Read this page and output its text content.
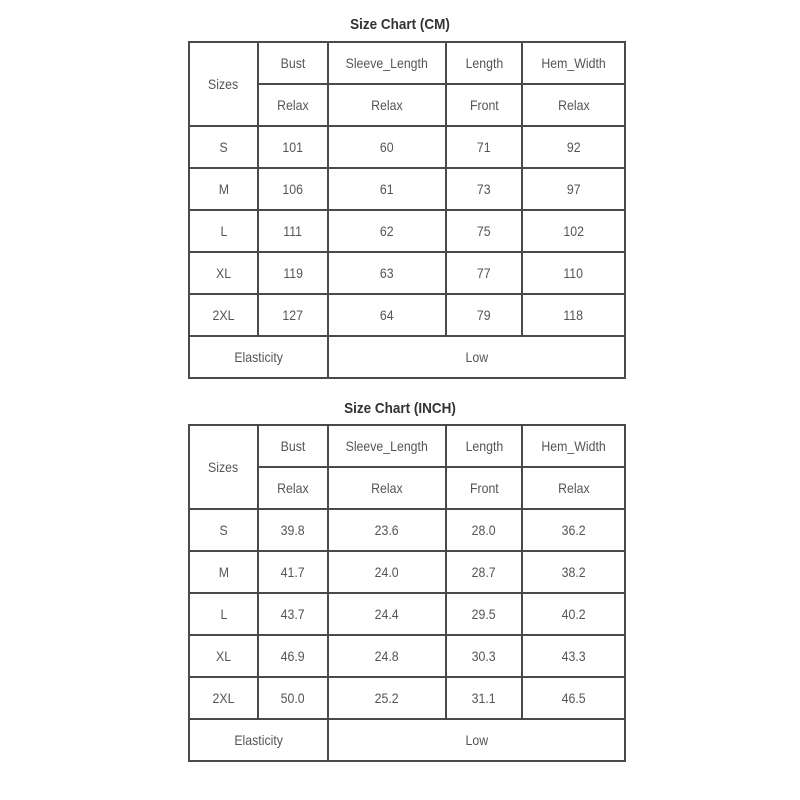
Size Chart (CM)
Sizes	Bust	Sleeve_Length	Length	Hem_Width
	Relax	Relax	Front	Relax
S	101	60	71	92
M	106	61	73	97
L	111	62	75	102
XL	119	63	77	110
2XL	127	64	79	118
Elasticity		Low		
Size Chart (INCH)
Sizes	Bust	Sleeve_Length	Length	Hem_Width
	Relax	Relax	Front	Relax
S	39.8	23.6	28.0	36.2
M	41.7	24.0	28.7	38.2
L	43.7	24.4	29.5	40.2
XL	46.9	24.8	30.3	43.3
2XL	50.0	25.2	31.1	46.5
Elasticity		Low		
